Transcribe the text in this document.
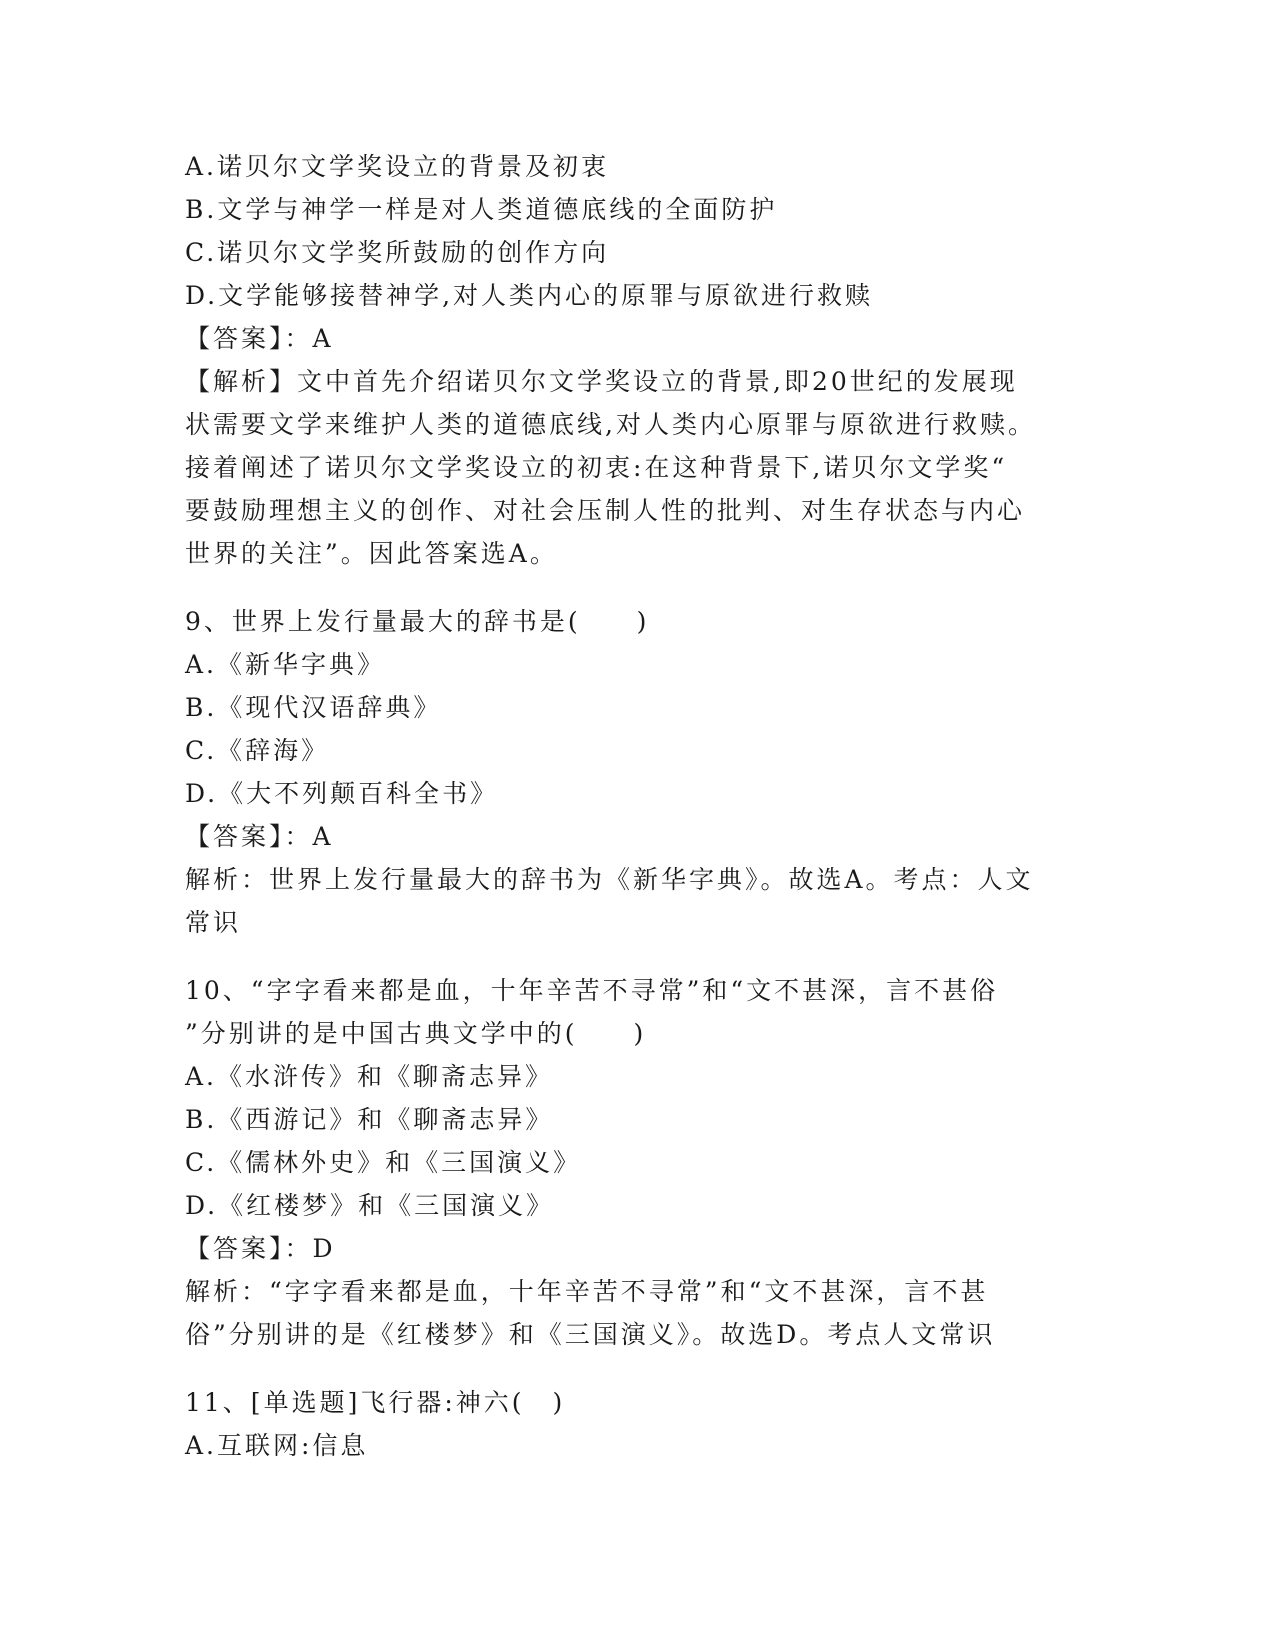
A.诺贝尔文学奖设立的背景及初衷

B.文学与神学一样是对人类道德底线的全面防护

C.诺贝尔文学奖所鼓励的创作方向

D.文学能够接替神学,对人类内心的原罪与原欲进行救赎

【答案】：A

【解析】文中首先介绍诺贝尔文学奖设立的背景,即20世纪的发展现

状需要文学来维护人类的道德底线,对人类内心原罪与原欲进行救赎。

接着阐述了诺贝尔文学奖设立的初衷:在这种背景下,诺贝尔文学奖“

要鼓励理想主义的创作、对社会压制人性的批判、对生存状态与内心

世界的关注”。因此答案选A。

9、世界上发行量最大的辞书是(　　)

A.《新华字典》

B.《现代汉语辞典》

C.《辞海》

D.《大不列颠百科全书》

【答案】：A

解析：世界上发行量最大的辞书为《新华字典》。故选A。考点：人文

常识

10、“字字看来都是血，十年辛苦不寻常”和“文不甚深，言不甚俗

”分别讲的是中国古典文学中的(　　)

A.《水浒传》和《聊斋志异》

B.《西游记》和《聊斋志异》

C.《儒林外史》和《三国演义》

D.《红楼梦》和《三国演义》

【答案】：D

解析：“字字看来都是血，十年辛苦不寻常”和“文不甚深，言不甚

俗”分别讲的是《红楼梦》和《三国演义》。故选D。考点人文常识

11、[单选题]飞行器:神六(　)

A.互联网:信息
